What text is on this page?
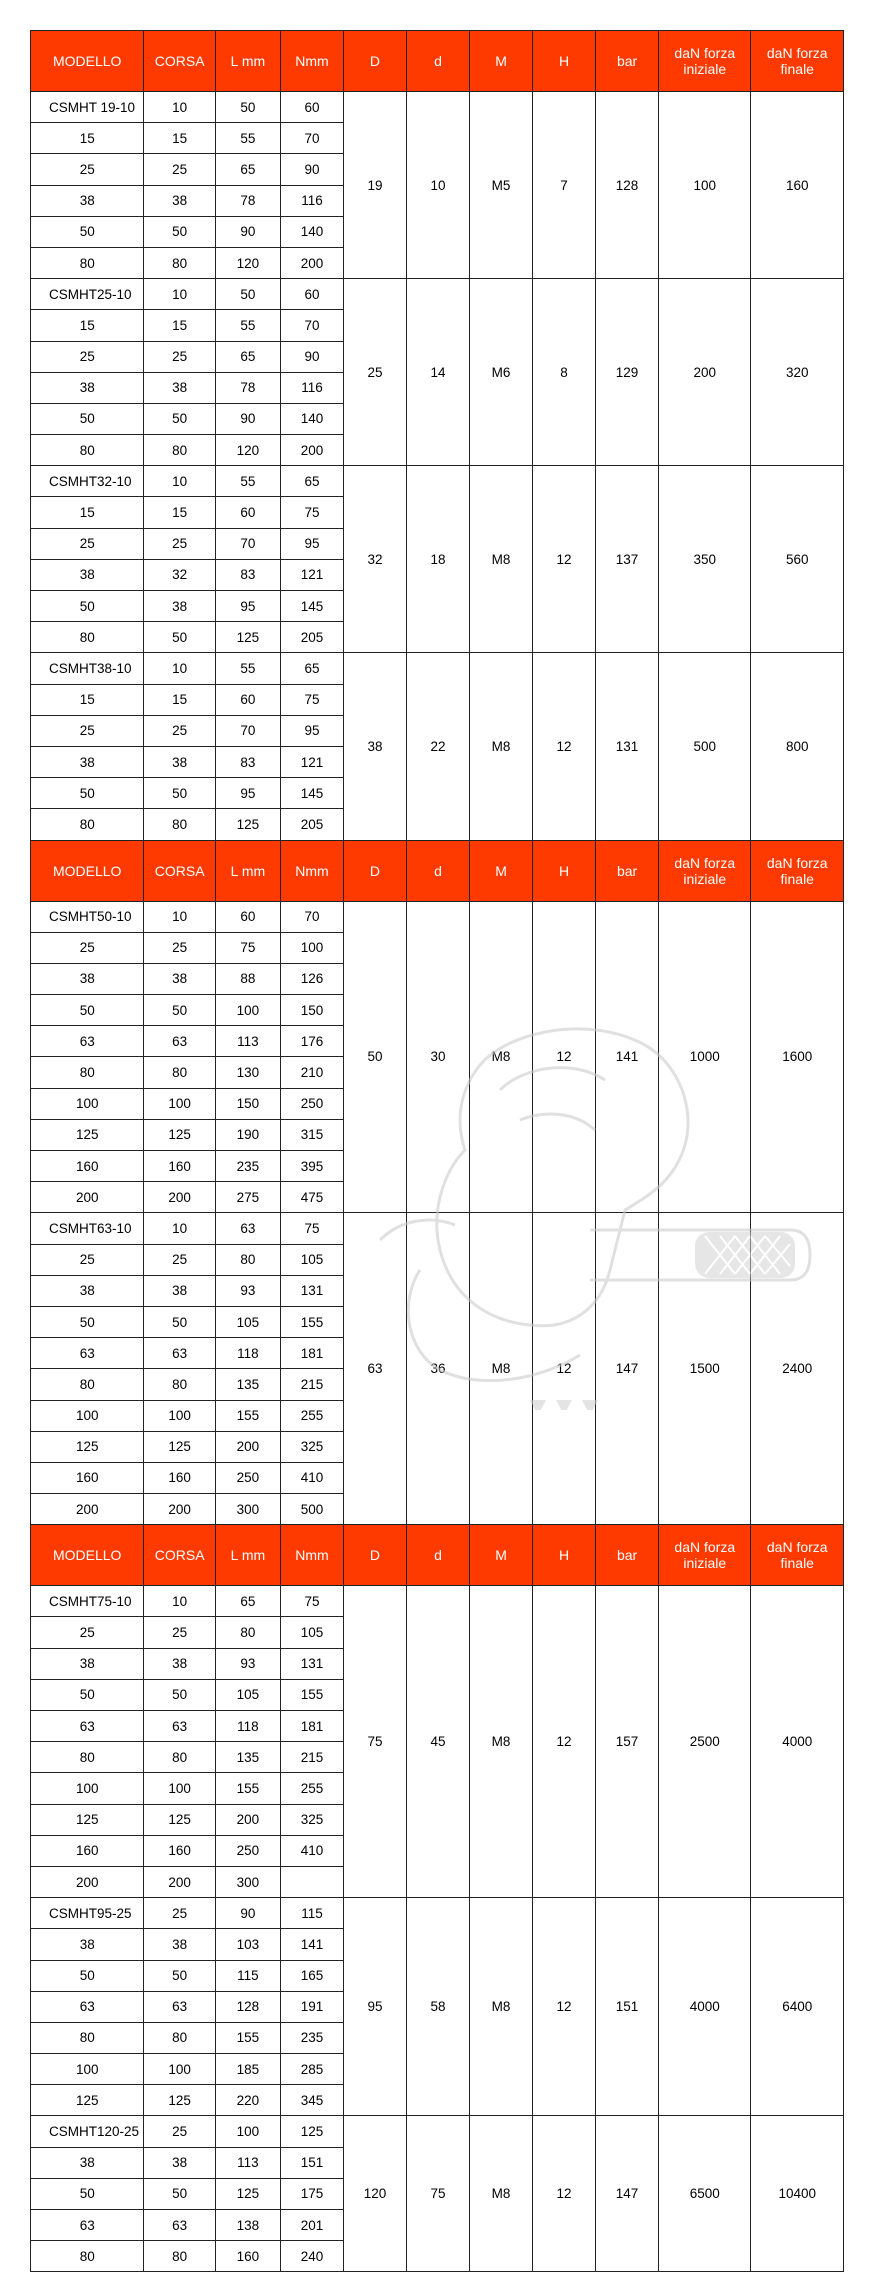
MODELLO	CORSA	L mm	Nmm	D	d	M	H	bar	daN forza iniziale	daN forza finale
CSMHT 19-10	10	50	60	19	10	M5	7	128	100	160
15	15	55	70							
25	25	65	90							
38	38	78	116							
50	50	90	140							
80	80	120	200							
CSMHT25-10	10	50	60	25	14	M6	8	129	200	320
15	15	55	70							
25	25	65	90							
38	38	78	116							
50	50	90	140							
80	80	120	200							
CSMHT32-10	10	55	65	32	18	M8	12	137	350	560
15	15	60	75							
25	25	70	95							
38	32	83	121							
50	38	95	145							
80	50	125	205							
CSMHT38-10	10	55	65	38	22	M8	12	131	500	800
15	15	60	75							
25	25	70	95							
38	38	83	121							
50	50	95	145							
80	80	125	205							
MODELLO	CORSA	L mm	Nmm	D	d	M	H	bar	daN forza iniziale	daN forza finale
CSMHT50-10	10	60	70	50	30	M8	12	141	1000	1600
25	25	75	100							
38	38	88	126							
50	50	100	150							
63	63	113	176							
80	80	130	210							
100	100	150	250							
125	125	190	315							
160	160	235	395							
200	200	275	475							
CSMHT63-10	10	63	75	63	36	M8	12	147	1500	2400
25	25	80	105							
38	38	93	131							
50	50	105	155							
63	63	118	181							
80	80	135	215							
100	100	155	255							
125	125	200	325							
160	160	250	410							
200	200	300	500							
MODELLO	CORSA	L mm	Nmm	D	d	M	H	bar	daN forza iniziale	daN forza finale
CSMHT75-10	10	65	75	75	45	M8	12	157	2500	4000
25	25	80	105							
38	38	93	131							
50	50	105	155							
63	63	118	181							
80	80	135	215							
100	100	155	255							
125	125	200	325							
160	160	250	410							
200	200	300								
CSMHT95-25	25	90	115	95	58	M8	12	151	4000	6400
38	38	103	141							
50	50	115	165							
63	63	128	191							
80	80	155	235							
100	100	185	285							
125	125	220	345							
CSMHT120-25	25	100	125	120	75	M8	12	147	6500	10400
38	38	113	151							
50	50	125	175							
63	63	138	201							
80	80	160	240							
